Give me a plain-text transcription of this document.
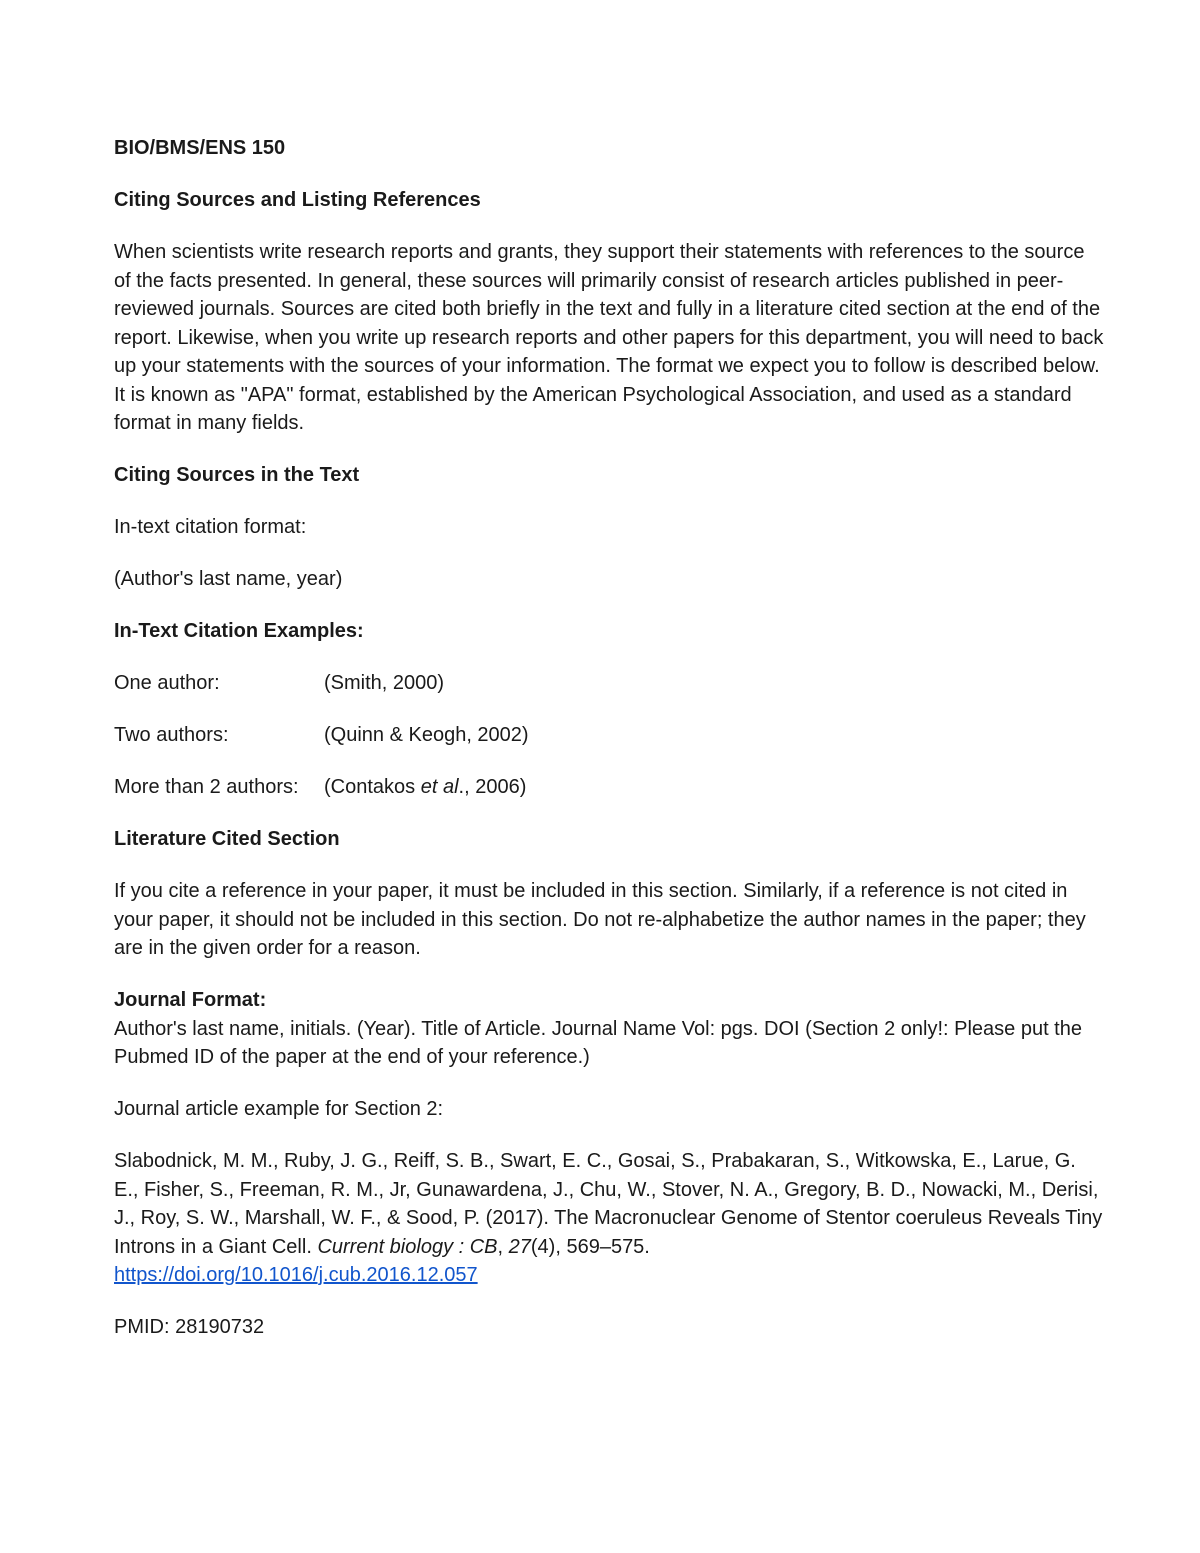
BIO/BMS/ENS 150

Citing Sources and Listing References

When scientists write research reports and grants, they support their statements with references to the source of the facts presented. In general, these sources will primarily consist of research articles published in peer-reviewed journals. Sources are cited both briefly in the text and fully in a literature cited section at the end of the report. Likewise, when you write up research reports and other papers for this department, you will need to back up your statements with the sources of your information. The format we expect you to follow is described below. It is known as "APA" format, established by the American Psychological Association, and used as a standard format in many fields.

Citing Sources in the Text

In-text citation format:

(Author's last name, year)

In-Text Citation Examples:

One author:	(Smith, 2000)
Two authors:	(Quinn & Keogh, 2002)
More than 2 authors:	(Contakos et al., 2006)

Literature Cited Section

If you cite a reference in your paper, it must be included in this section. Similarly, if a reference is not cited in your paper, it should not be included in this section. Do not re-alphabetize the author names in the paper; they are in the given order for a reason.

Journal Format:

Author's last name, initials. (Year). Title of Article. Journal Name Vol: pgs. DOI (Section 2 only!: Please put the Pubmed ID of the paper at the end of your reference.)

Journal article example for Section 2:

Slabodnick, M. M., Ruby, J. G., Reiff, S. B., Swart, E. C., Gosai, S., Prabakaran, S., Witkowska, E., Larue, G. E., Fisher, S., Freeman, R. M., Jr, Gunawardena, J., Chu, W., Stover, N. A., Gregory, B. D., Nowacki, M., Derisi, J., Roy, S. W., Marshall, W. F., & Sood, P. (2017). The Macronuclear Genome of Stentor coeruleus Reveals Tiny Introns in a Giant Cell. Current biology : CB, 27(4), 569–575.
https://doi.org/10.1016/j.cub.2016.12.057

PMID: 28190732
